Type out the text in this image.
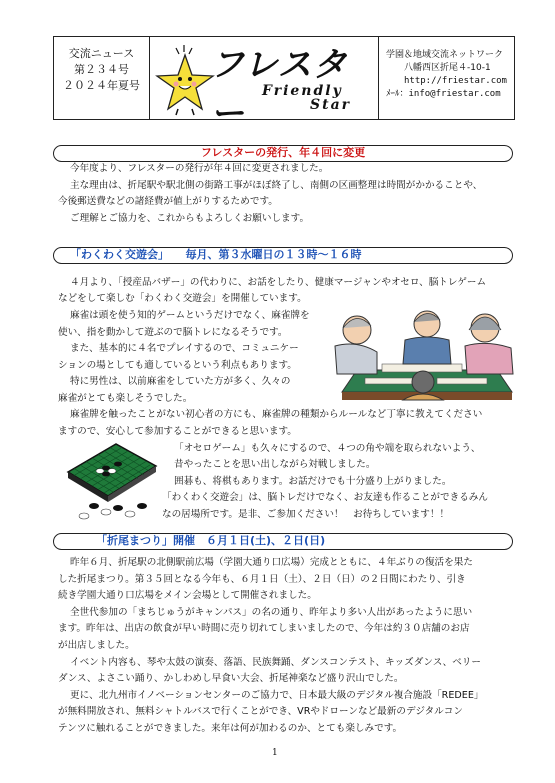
交流ニュース
第２３４号
２０２４年夏号
フレスター
Friendly
Star
学園＆地域交流ネットワーク
八幡西区折尾４-10-1
http://friestar.com
ﾒｰﾙ：info@friestar.com
フレスターの発行、年４回に変更
今年度より、フレスターの発行が年４回に変更されました。
主な理由は、折尾駅や駅北側の街路工事がほぼ終了し、南側の区画整理は時間がかかることや、
今後郵送費などの諸経費が値上がりするためです。
ご理解とご協力を、これからもよろしくお願いします。
「わくわく交遊会」　　毎月、第３水曜日の１３時～１６時
４月より、「授産品バザー」の代わりに、お話をしたり、健康マージャンやオセロ、脳トレゲーム
などをして楽しむ「わくわく交遊会」を開催しています。
麻雀は頭を使う知的ゲームというだけでなく、麻雀牌を
使い、指を動かして遊ぶので脳トレになるそうです。
また、基本的に４名でプレイするので、コミュニケー
ションの場としても適しているという利点もあります。
特に男性は、以前麻雀をしていた方が多く、久々の
麻雀がとても楽しそうでした。
麻雀牌を触ったことがない初心者の方にも、麻雀牌の種類からルールなど丁寧に教えてください
ますので、安心して参加することができると思います。
「オセロゲーム」も久々にするので、４つの角や端を取られないよう、
昔やったことを思い出しながら対戦しました。
囲碁も、将棋もあります。お話だけでも十分盛り上がりました。
「わくわく交遊会」は、脳トレだけでなく、お友達も作ることができるみん
なの居場所です。是非、ご参加ください！　お待ちしています！！
「折尾まつり」開催　６月１日(土)、２日(日)
昨年６月、折尾駅の北側駅前広場（学園大通り口広場）完成とともに、４年ぶりの復活を果た
した折尾まつり。第３５回となる今年も、６月１日（土）、２日（日）の２日間にわたり、引き
続き学園大通り口広場をメイン会場として開催されました。
全世代参加の「まちじゅうがキャンパス」の名の通り、昨年より多い人出があったように思い
ます。昨年は、出店の飲食が早い時間に売り切れてしまいましたので、今年は約３０店舗のお店
が出店しました。
イベント内容も、琴や太鼓の演奏、落語、民族舞踊、ダンスコンテスト、キッズダンス、ベリー
ダンス、よさこい踊り、かしわめし早食い大会、折尾神楽など盛り沢山でした。
更に、北九州市イノベーションセンターのご協力で、日本最大級のデジタル複合施設「REDEE」
が無料開放され、無料シャトルバスで行くことができ、VRやドローンなど最新のデジタルコン
テンツに触れることができました。来年は何が加わるのか、とても楽しみです。
1
